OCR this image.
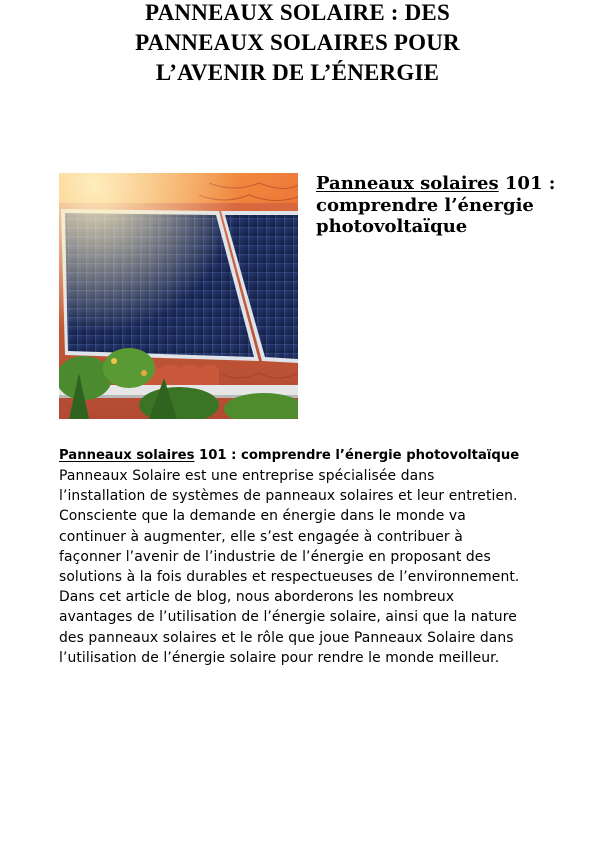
PANNEAUX SOLAIRE : DES
PANNEAUX SOLAIRES POUR
L’AVENIR DE L’ÉNERGIE
Panneaux solaires 101 :
comprendre l’énergie
photovoltaïque

Panneaux solaires 101 : comprendre l’énergie photovoltaïque

Panneaux Solaire est une entreprise spécialisée dans
l’installation de systèmes de panneaux solaires et leur entretien.
Consciente que la demande en énergie dans le monde va
continuer à augmenter, elle s’est engagée à contribuer à
façonner l’avenir de l’industrie de l’énergie en proposant des
solutions à la fois durables et respectueuses de l’environnement.
Dans cet article de blog, nous aborderons les nombreux
avantages de l’utilisation de l’énergie solaire, ainsi que la nature
des panneaux solaires et le rôle que joue Panneaux Solaire dans
l’utilisation de l’énergie solaire pour rendre le monde meilleur.
